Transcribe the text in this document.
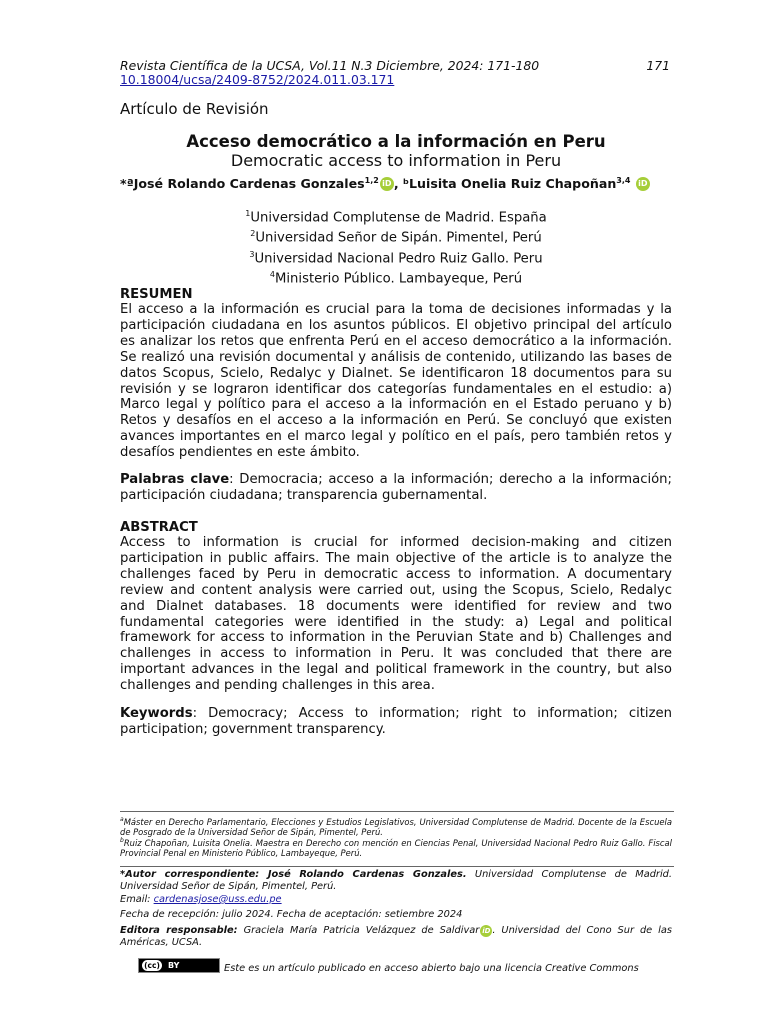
Revista Científica de la UCSA, Vol.11 N.3 Diciembre, 2024: 171-180	171
10.18004/ucsa/2409-8752/2024.011.03.171
Artículo de Revisión
Acceso democrático a la información en Peru
Democratic access to information in Peru
*ªJosé Rolando Cardenas Gonzales$^{1,2}$ iD , ᵇLuisita Onelia Ruiz Chapoñan$^{3,4}$ iD
$^1$Universidad Complutense de Madrid. España
$^2$Universidad Señor de Sipán. Pimentel, Perú
$^3$Universidad Nacional Pedro Ruiz Gallo. Peru
$^4$Ministerio Público. Lambayeque, Perú
RESUMEN
El acceso a la información es crucial para la toma de decisiones informadas y la participación ciudadana en los asuntos públicos. El objetivo principal del artículo es analizar los retos que enfrenta Perú en el acceso democrático a la información. Se realizó una revisión documental y análisis de contenido, utilizando las bases de datos Scopus, Scielo, Redalyc y Dialnet. Se identificaron 18 documentos para su revisión y se lograron identificar dos categorías fundamentales en el estudio: a) Marco legal y político para el acceso a la información en el Estado peruano y b) Retos y desafíos en el acceso a la información en Perú. Se concluyó que existen avances importantes en el marco legal y político en el país, pero también retos y desafíos pendientes en este ámbito.
Palabras clave: Democracia; acceso a la información; derecho a la información; participación ciudadana; transparencia gubernamental.
ABSTRACT
Access to information is crucial for informed decision-making and citizen participation in public affairs. The main objective of the article is to analyze the challenges faced by Peru in democratic access to information. A documentary review and content analysis were carried out, using the Scopus, Scielo, Redalyc and Dialnet databases. 18 documents were identified for review and two fundamental categories were identified in the study: a) Legal and political framework for access to information in the Peruvian State and b) Challenges and challenges in access to information in Peru. It was concluded that there are important advances in the legal and political framework in the country, but also challenges and pending challenges in this area.
Keywords: Democracy; Access to information; right to information; citizen participation; government transparency.
$^a$Máster en Derecho Parlamentario, Elecciones y Estudios Legislativos, Universidad Complutense de Madrid. Docente de la Escuela de Posgrado de la Universidad Señor de Sipán, Pimentel, Perú.
$^b$Ruiz Chapoñan, Luisita Onelia. Maestra en Derecho con mención en Ciencias Penal, Universidad Nacional Pedro Ruiz Gallo. Fiscal Provincial Penal en Ministerio Público, Lambayeque, Perú.
*Autor correspondiente: José Rolando Cardenas Gonzales. Universidad Complutense de Madrid. Universidad Señor de Sipán, Pimentel, Perú.
Email: cardenasjose@uss.edu.pe
Fecha de recepción: julio 2024. Fecha de aceptación: setiembre 2024
Editora responsable: Graciela María Patricia Velázquez de Saldivar iD . Universidad del Cono Sur de las Américas, UCSA.
(cc) BY	Este es un artículo publicado en acceso abierto bajo una licencia Creative Commons
